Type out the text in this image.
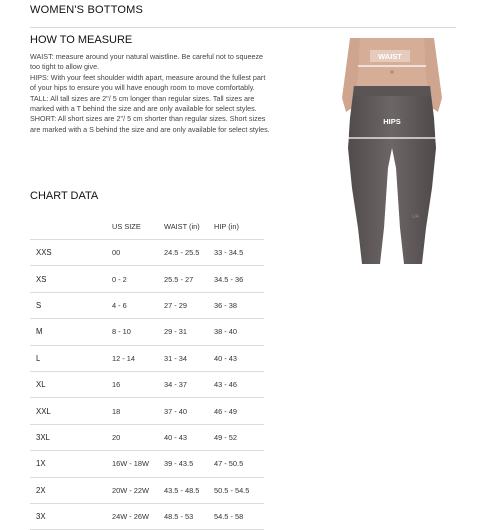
WOMEN'S BOTTOMS
HOW TO MEASURE

WAIST: measure around your natural waistline. Be careful not to squeeze too tight to allow give.

HIPS: With your feet shoulder width apart, measure around the fullest part of your hips to ensure you will have enough room to move comfortably.

TALL: All tall sizes are 2"/ 5 cm longer than regular sizes. Tall sizes are marked with a T behind the size and are only available for select styles.

SHORT: All short sizes are 2"/ 5 cm shorter than regular sizes. Short sizes are marked with a S behind the size and are only available for select styles.

WAIST
HIPS
UA
CHART DATA
	US SIZE	WAIST (in)	HIP (in)
XXS	00	24.5 - 25.5	33 - 34.5
XS	0 - 2	25.5 - 27	34.5 - 36
S	4 - 6	27 - 29	36 - 38
M	8 - 10	29 - 31	38 - 40
L	12 - 14	31 - 34	40 - 43
XL	16	34 - 37	43 - 46
XXL	18	37 - 40	46 - 49
3XL	20	40 - 43	49 - 52
1X	16W - 18W	39 - 43.5	47 - 50.5
2X	20W - 22W	43.5 - 48.5	50.5 - 54.5
3X	24W - 26W	48.5 - 53	54.5 - 58
